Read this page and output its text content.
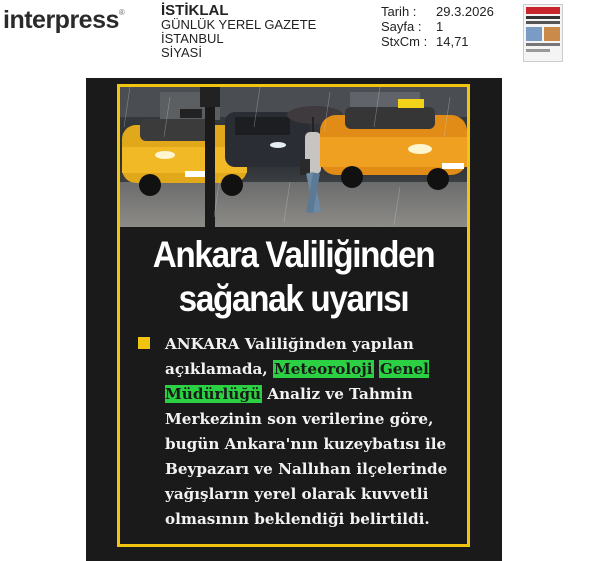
interpress® İSTİKLAL
GÜNLÜK YEREL GAZETE
İSTANBUL
SİYASİ
Tarih :	29.3.2026
Sayfa :	1
StxCm : 14,71
Ankara Valiliğinden
sağanak uyarısı
ANKARA Valiliğinden yapılan açıklamada, Meteoroloji Genel Müdürlüğü Analiz ve Tahmin Merkezinin son verilerine göre, bugün Ankara'nın kuzeybatısı ile Beypazarı ve Nallıhan ilçelerinde yağışların yerel olarak kuvvetli olmasının beklendiği belirtildi.
